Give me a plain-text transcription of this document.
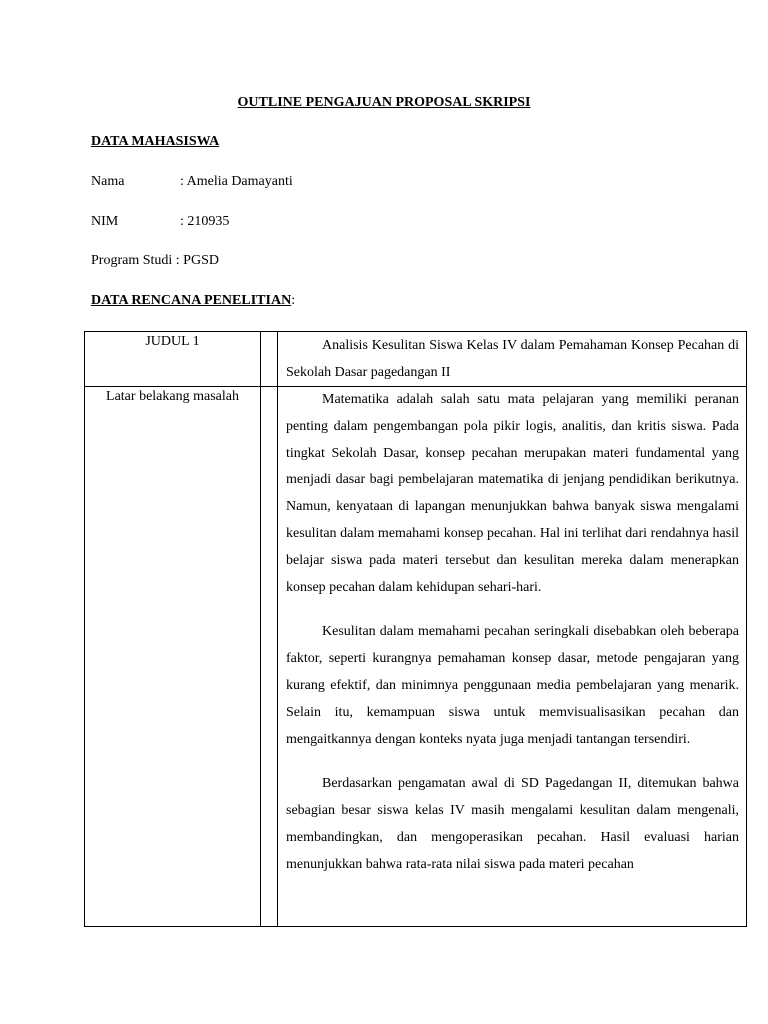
OUTLINE PENGAJUAN PROPOSAL SKRIPSI
DATA MAHASISWA
Nama	: Amelia Damayanti
NIM	: 210935
Program Studi : PGSD
DATA RENCANA PENELITIAN:
JUDUL 1		Analisis Kesulitan Siswa Kelas IV dalam Pemahaman Konsep Pecahan di Sekolah Dasar pagedangan II

Latar belakang masalah		Matematika adalah salah satu mata pelajaran yang memiliki peranan penting dalam pengembangan pola pikir logis, analitis, dan kritis siswa. Pada tingkat Sekolah Dasar, konsep pecahan merupakan materi fundamental yang menjadi dasar bagi pembelajaran matematika di jenjang pendidikan berikutnya. Namun, kenyataan di lapangan menunjukkan bahwa banyak siswa mengalami kesulitan dalam memahami konsep pecahan. Hal ini terlihat dari rendahnya hasil belajar siswa pada materi tersebut dan kesulitan mereka dalam menerapkan konsep pecahan dalam kehidupan sehari-hari.

Kesulitan dalam memahami pecahan seringkali disebabkan oleh beberapa faktor, seperti kurangnya pemahaman konsep dasar, metode pengajaran yang kurang efektif, dan minimnya penggunaan media pembelajaran yang menarik. Selain itu, kemampuan siswa untuk memvisualisasikan pecahan dan mengaitkannya dengan konteks nyata juga menjadi tantangan tersendiri.

Berdasarkan pengamatan awal di SD Pagedangan II, ditemukan bahwa sebagian besar siswa kelas IV masih mengalami kesulitan dalam mengenali, membandingkan, dan mengoperasikan pecahan. Hasil evaluasi harian menunjukkan bahwa rata-rata nilai siswa pada materi pecahan
